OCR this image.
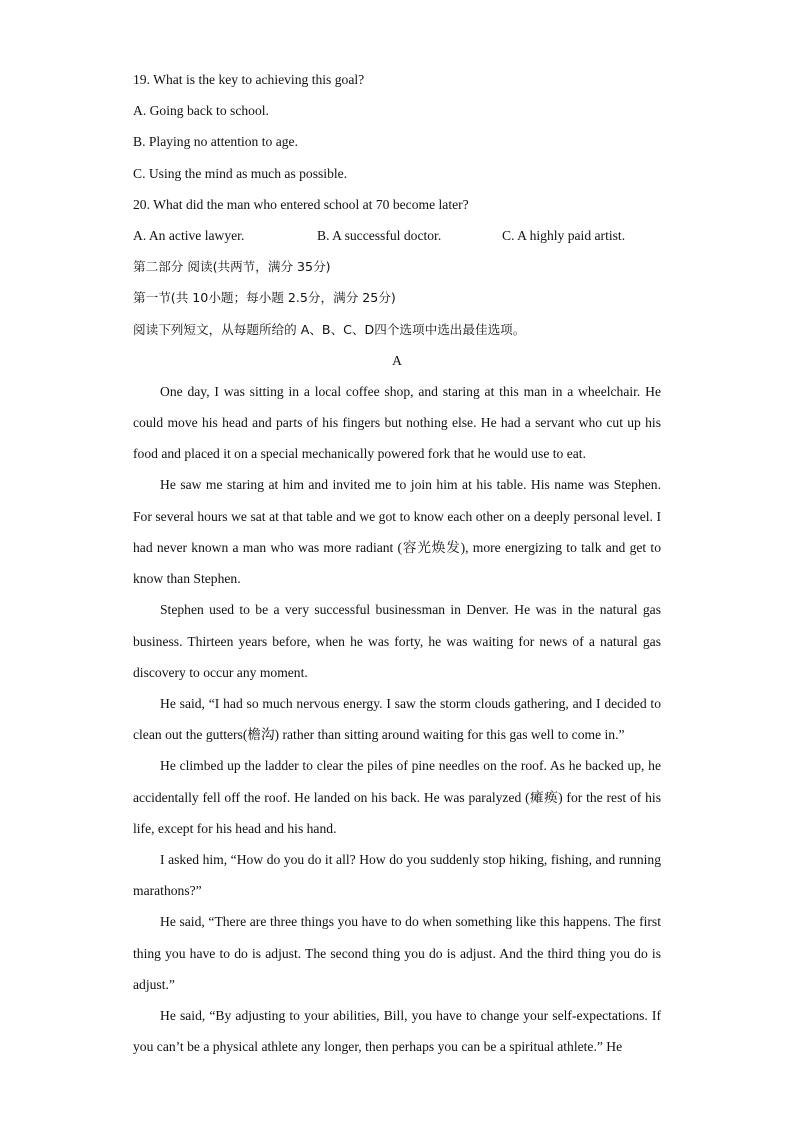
19. What is the key to achieving this goal?
A. Going back to school.
B. Playing no attention to age.
C. Using the mind as much as possible.
20. What did the man who entered school at 70 become later?
A. An active lawyer.	B. A successful doctor.	C. A highly paid artist.
第二部分 阅读(共两节，满分 35分)
第一节(共 10小题；每小题 2.5分，满分 25分)
阅读下列短文，从每题所给的 A、B、C、D四个选项中选出最佳选项。
A

One day, I was sitting in a local coffee shop, and staring at this man in a wheelchair. He could move his head and parts of his fingers but nothing else. He had a servant who cut up his food and placed it on a special mechanically powered fork that he would use to eat.

He saw me staring at him and invited me to join him at his table. His name was Stephen. For several hours we sat at that table and we got to know each other on a deeply personal level. I had never known a man who was more radiant (容光焕发), more energizing to talk and get to know than Stephen.

Stephen used to be a very successful businessman in Denver. He was in the natural gas business. Thirteen years before, when he was forty, he was waiting for news of a natural gas discovery to occur any moment.

He said, “I had so much nervous energy. I saw the storm clouds gathering, and I decided to clean out the gutters(檐沟) rather than sitting around waiting for this gas well to come in.”

He climbed up the ladder to clear the piles of pine needles on the roof. As he backed up, he accidentally fell off the roof. He landed on his back. He was paralyzed (瘫痪) for the rest of his life, except for his head and his hand.

I asked him, “How do you do it all? How do you suddenly stop hiking, fishing, and running marathons?”

He said, “There are three things you have to do when something like this happens. The first thing you have to do is adjust. The second thing you do is adjust. And the third thing you do is adjust.”

He said, “By adjusting to your abilities, Bill, you have to change your self-expectations. If you can’t be a physical athlete any longer, then perhaps you can be a spiritual athlete.” He
